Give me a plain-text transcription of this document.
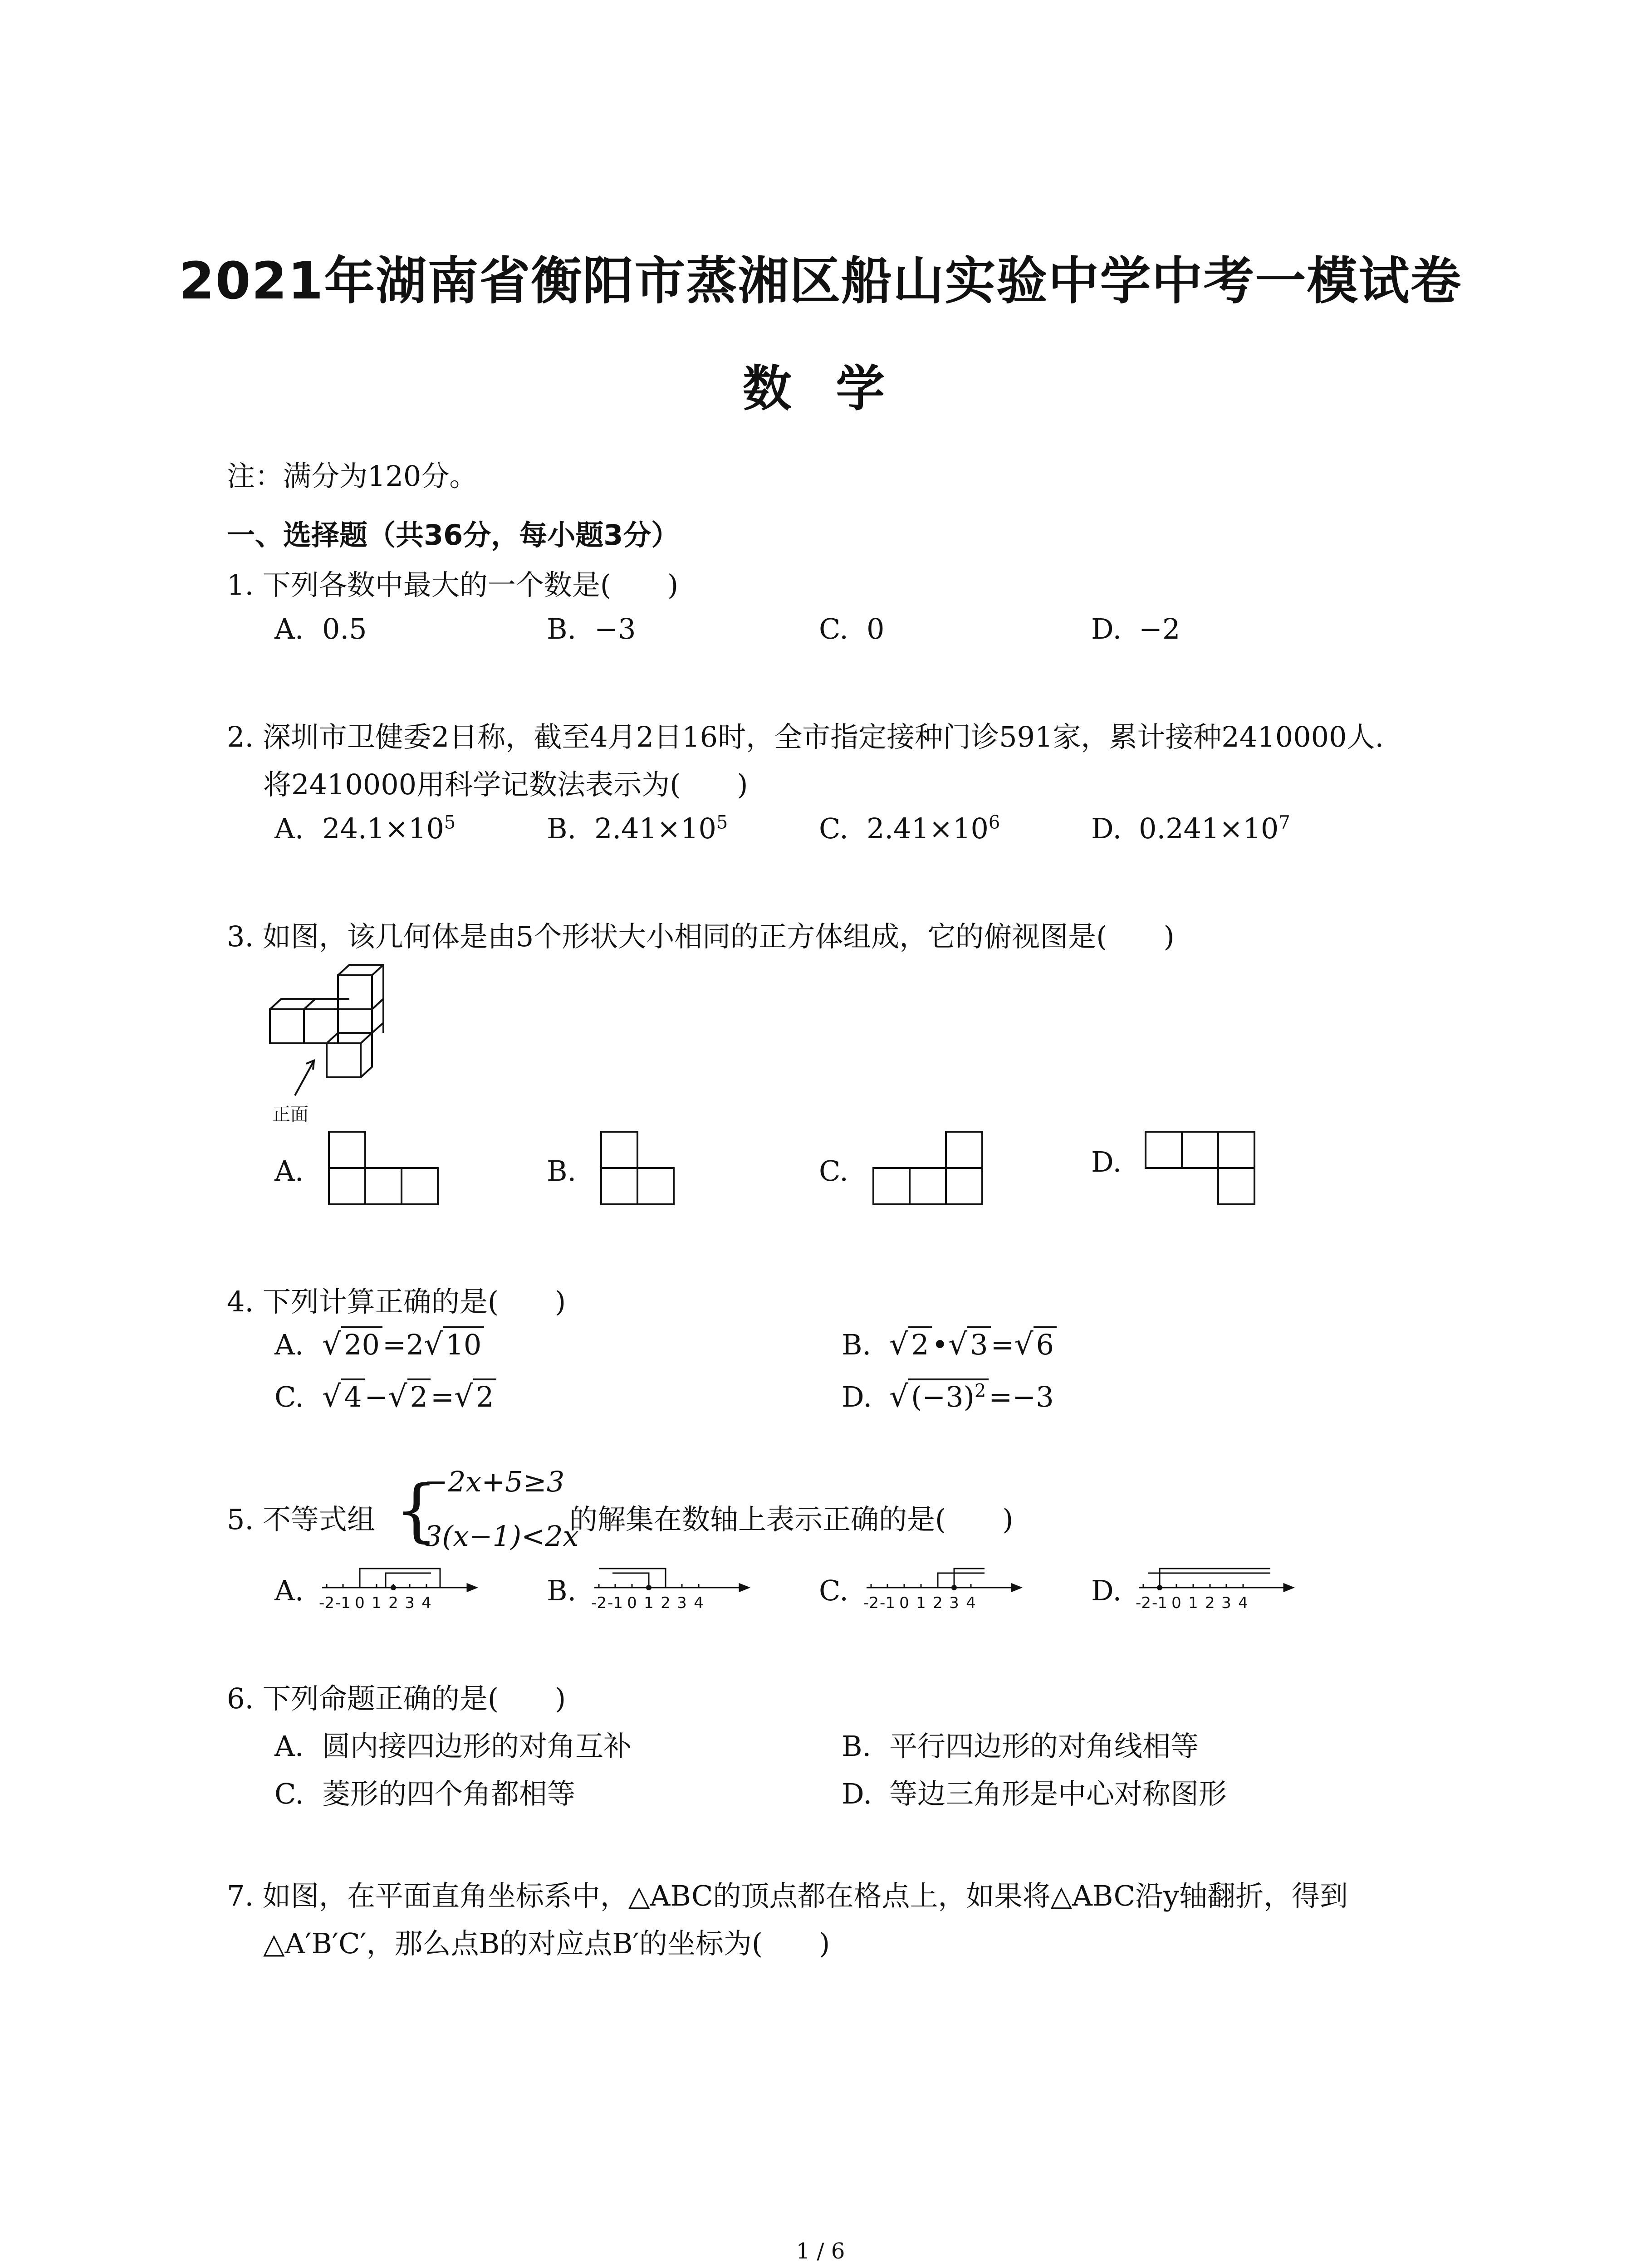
2021年湖南省衡阳市蒸湘区船山实验中学中考一模试卷
数 学
注：满分为120分。
一、选择题（共36分，每小题3分）
1. 下列各数中最大的一个数是(　　)
A. 0.5	B. −3	C. 0	D. −2
2. 深圳市卫健委2日称，截至4月2日16时，全市指定接种门诊591家，累计接种2410000人.
将2410000用科学记数法表示为(　　)
A. $24.1\times 10^5$	B. $2.41\times 10^5$	C. $2.41\times 10^6$	D. $0.241\times 10^7$
3. 如图，该几何体是由5个形状大小相同的正方体组成，它的俯视图是(　　)
正面
A.	B.	C.	D.
4. 下列计算正确的是(　　)
A. √20=2√10	B. √2•√3=√6
C. √4−√2=√2	D. $√(-3)^2=-3$
5. 不等式组 {
−2x+5≥3
3(x−1)<2x
的解集在数轴上表示正确的是(　　)
A.	B.	C.	D.
-2 -1 0 1 2 3 4	-2 -1 0 1 2 3 4	-2 -1 0 1 2 3 4	-2 -1 0 1 2 3 4
6. 下列命题正确的是(　　)
A. 圆内接四边形的对角互补	B. 平行四边形的对角线相等
C. 菱形的四个角都相等	D. 等边三角形是中心对称图形
7. 如图，在平面直角坐标系中，△ABC的顶点都在格点上，如果将△ABC沿y轴翻折，得到
△A′B′C′，那么点B的对应点B′的坐标为(　　)
1 / 6
